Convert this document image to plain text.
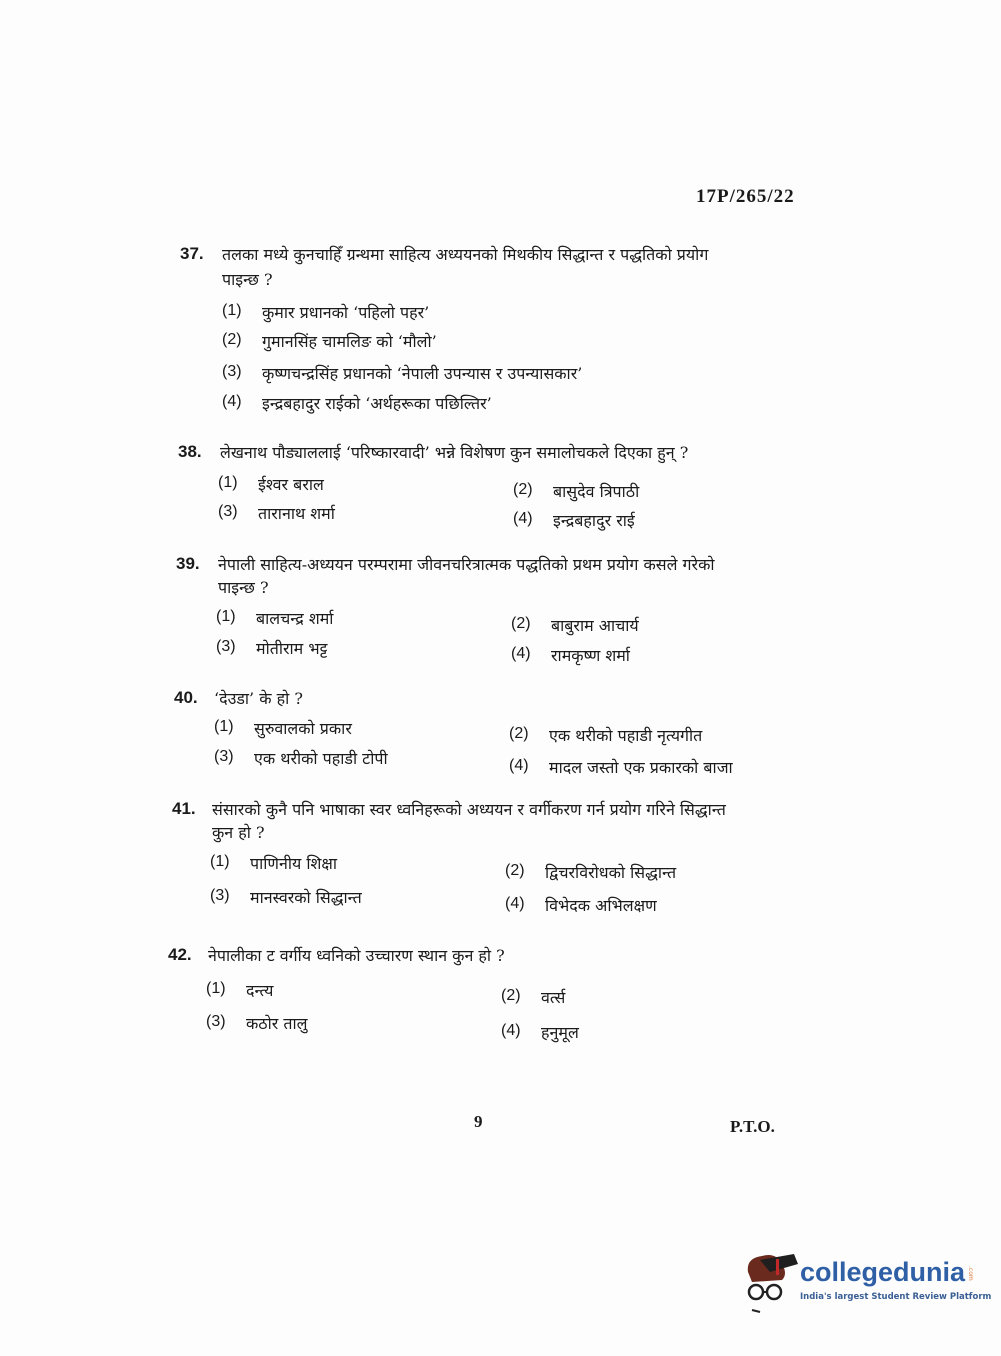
17P/265/22
37. तलका मध्ये कुनचाहिँ ग्रन्थमा साहित्य अध्ययनको मिथकीय सिद्धान्त र पद्धतिको प्रयोग
पाइन्छ ?
(1) कुमार प्रधानको ‘पहिलो पहर’
(2) गुमानसिंह चामलिङ को ‘मौलो’
(3) कृष्णचन्द्रसिंह प्रधानको ‘नेपाली उपन्यास र उपन्यासकार’
(4) इन्द्रबहादुर राईको ‘अर्थहरूका पछिल्तिर’
38. लेखनाथ पौड्याललाई ‘परिष्कारवादी’ भन्ने विशेषण कुन समालोचकले दिएका हुन् ?
(1) ईश्वर बराल	(2) बासुदेव त्रिपाठी
(3) तारानाथ शर्मा	(4) इन्द्रबहादुर राई
39. नेपाली साहित्य-अध्ययन परम्परामा जीवनचरित्रात्मक पद्धतिको प्रथम प्रयोग कसले गरेको
पाइन्छ ?
(1) बालचन्द्र शर्मा	(2) बाबुराम आचार्य
(3) मोतीराम भट्ट	(4) रामकृष्ण शर्मा
40. ‘देउडा’ के हो ?
(1) सुरुवालको प्रकार	(2) एक थरीको पहाडी नृत्यगीत
(3) एक थरीको पहाडी टोपी	(4) मादल जस्तो एक प्रकारको बाजा
41. संसारको कुनै पनि भाषाका स्वर ध्वनिहरूको अध्ययन र वर्गीकरण गर्न प्रयोग गरिने सिद्धान्त
कुन हो ?
(1) पाणिनीय शिक्षा	(2) द्विचरविरोधको सिद्धान्त
(3) मानस्वरको सिद्धान्त	(4) विभेदक अभिलक्षण
42. नेपालीका ट वर्गीय ध्वनिको उच्चारण स्थान कुन हो ?
(1) दन्त्य	(2) वर्त्स
(3) कठोर तालु	(4) हनुमूल
9	P.T.O.
collegedunia .com
India's largest Student Review Platform
